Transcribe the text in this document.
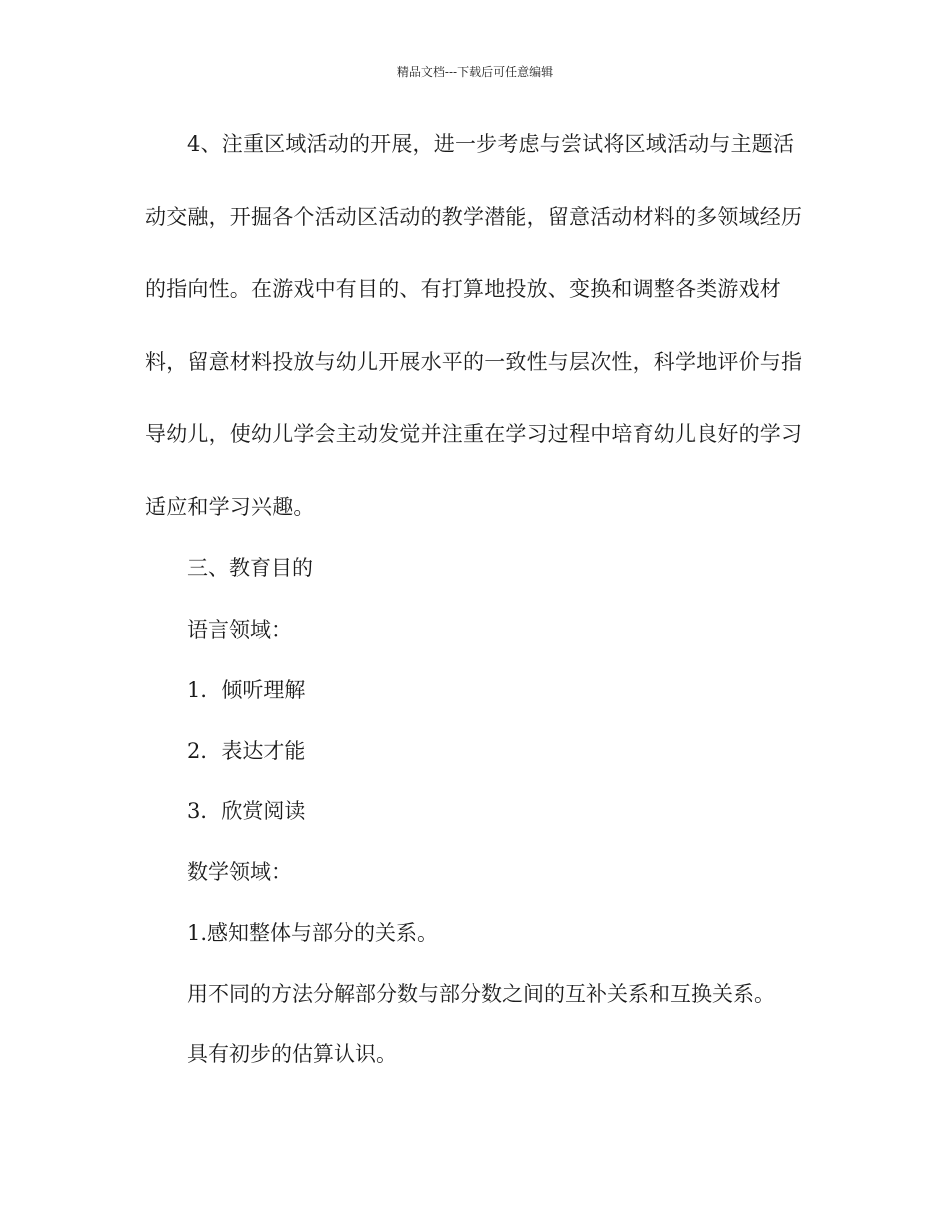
精品文档---下载后可任意编辑

4、注重区域活动的开展，进一步考虑与尝试将区域活动与主题活动交融，开掘各个活动区活动的教学潜能，留意活动材料的多领域经历的指向性。在游戏中有目的、有打算地投放、变换和调整各类游戏材料，留意材料投放与幼儿开展水平的一致性与层次性，科学地评价与指导幼儿，使幼儿学会主动发觉并注重在学习过程中培育幼儿良好的学习适应和学习兴趣。

三、教育目的

语言领域：

1．倾听理解

2．表达才能

3．欣赏阅读

数学领域：

1.感知整体与部分的关系。

用不同的方法分解部分数与部分数之间的互补关系和互换关系。

具有初步的估算认识。
